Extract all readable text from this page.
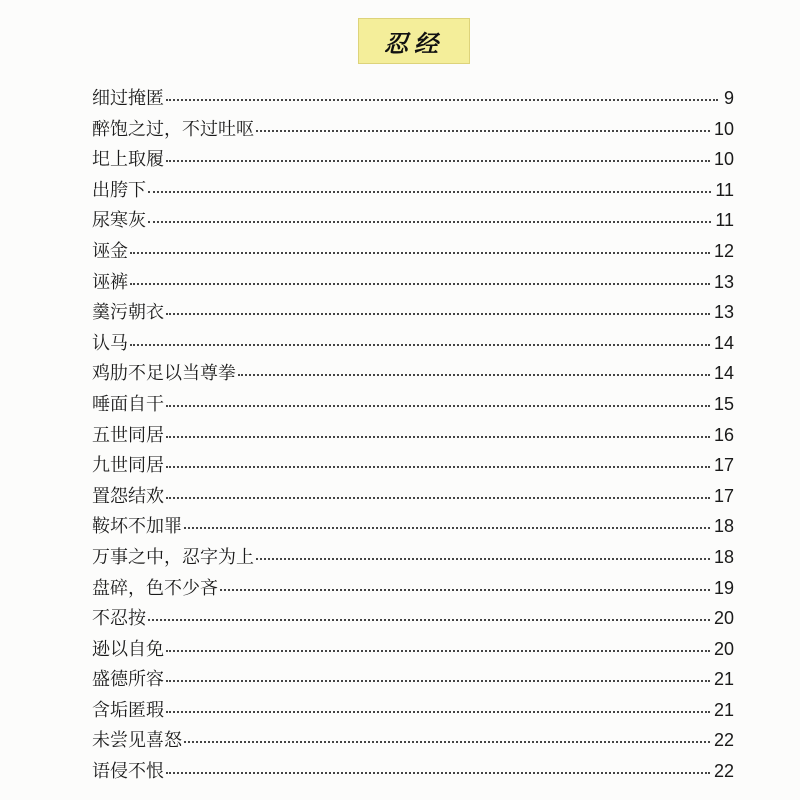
忍经
细过掩匿	9
醉饱之过，不过吐呕	10
圯上取履	10
出胯下	11
尿寒灰	11
诬金	12
诬裤	13
羹污朝衣	13
认马	14
鸡肋不足以当尊拳	14
唾面自干	15
五世同居	16
九世同居	17
置怨结欢	17
鞍坏不加罪	18
万事之中，忍字为上	18
盘碎，色不少吝	19
不忍按	20
逊以自免	20
盛德所容	21
含垢匿瑕	21
未尝见喜怒	22
语侵不恨	22
